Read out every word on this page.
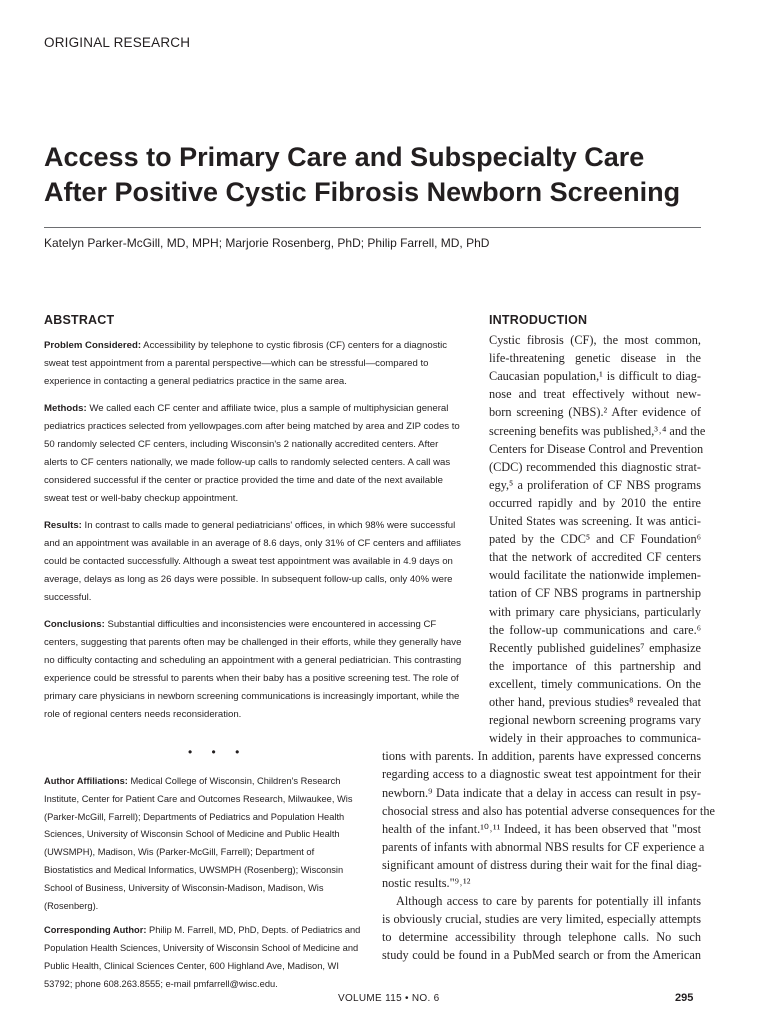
ORIGINAL RESEARCH
Access to Primary Care and Subspecialty Care
After Positive Cystic Fibrosis Newborn Screening
Katelyn Parker-McGill, MD, MPH; Marjorie Rosenberg, PhD; Philip Farrell, MD, PhD
ABSTRACT

Problem Considered: Accessibility by telephone to cystic fibrosis (CF) centers for a diagnostic sweat test appointment from a parental perspective—which can be stressful—compared to experience in contacting a general pediatrics practice in the same area.

Methods: We called each CF center and affiliate twice, plus a sample of multiphysician general pediatrics practices selected from yellowpages.com after being matched by area and ZIP codes to 50 randomly selected CF centers, including Wisconsin's 2 nationally accredited centers. After alerts to CF centers nationally, we made follow-up calls to randomly selected centers. A call was considered successful if the center or practice provided the time and date of the next available sweat test or well-baby checkup appointment.

Results: In contrast to calls made to general pediatricians' offices, in which 98% were successful and an appointment was available in an average of 8.6 days, only 31% of CF centers and affiliates could be contacted successfully. Although a sweat test appointment was available in 4.9 days on average, delays as long as 26 days were possible. In subsequent follow-up calls, only 40% were successful.

Conclusions: Substantial difficulties and inconsistencies were encountered in accessing CF centers, suggesting that parents often may be challenged in their efforts, while they generally have no difficulty contacting and scheduling an appointment with a general pediatrician. This contrasting experience could be stressful to parents when their baby has a positive screening test. The role of primary care physicians in newborn screening communications is increasingly important, while the role of regional centers needs reconsideration.

• • •

Author Affiliations: Medical College of Wisconsin, Children's Research Institute, Center for Patient Care and Outcomes Research, Milwaukee, Wis (Parker-McGill, Farrell); Departments of Pediatrics and Population Health Sciences, University of Wisconsin School of Medicine and Public Health (UWSMPH), Madison, Wis (Parker-McGill, Farrell); Department of Biostatistics and Medical Informatics, UWSMPH (Rosenberg); Wisconsin School of Business, University of Wisconsin-Madison, Madison, Wis (Rosenberg).

Corresponding Author: Philip M. Farrell, MD, PhD, Depts. of Pediatrics and Population Health Sciences, University of Wisconsin School of Medicine and Public Health, Clinical Sciences Center, 600 Highland Ave, Madison, WI 53792; phone 608.263.8555; e-mail pmfarrell@wisc.edu.

INTRODUCTION
Cystic fibrosis (CF), the most common,
life-threatening genetic disease in the
Caucasian population,¹ is difficult to diag-
nose and treat effectively without new-
born screening (NBS).² After evidence of
screening benefits was published,³˒⁴ and the
Centers for Disease Control and Prevention
(CDC) recommended this diagnostic strat-
egy,⁵ a proliferation of CF NBS programs
occurred rapidly and by 2010 the entire
United States was screening. It was antici-
pated by the CDC⁵ and CF Foundation⁶
that the network of accredited CF centers
would facilitate the nationwide implemen-
tation of CF NBS programs in partnership
with primary care physicians, particularly
the follow-up communications and care.⁶
Recently published guidelines⁷ emphasize
the importance of this partnership and
excellent, timely communications. On the
other hand, previous studies⁸ revealed that
regional newborn screening programs vary
widely in their approaches to communica-
tions with parents. In addition, parents have expressed concerns
regarding access to a diagnostic sweat test appointment for their
newborn.⁹ Data indicate that a delay in access can result in psy-
chosocial stress and also has potential adverse consequences for the
health of the infant.¹⁰˒¹¹ Indeed, it has been observed that "most
parents of infants with abnormal NBS results for CF experience a
significant amount of distress during their wait for the final diag-
nostic results."⁹˒¹²
Although access to care by parents for potentially ill infants
is obviously crucial, studies are very limited, especially attempts
to determine accessibility through telephone calls. No such
study could be found in a PubMed search or from the American
VOLUME 115 • NO. 6	295
